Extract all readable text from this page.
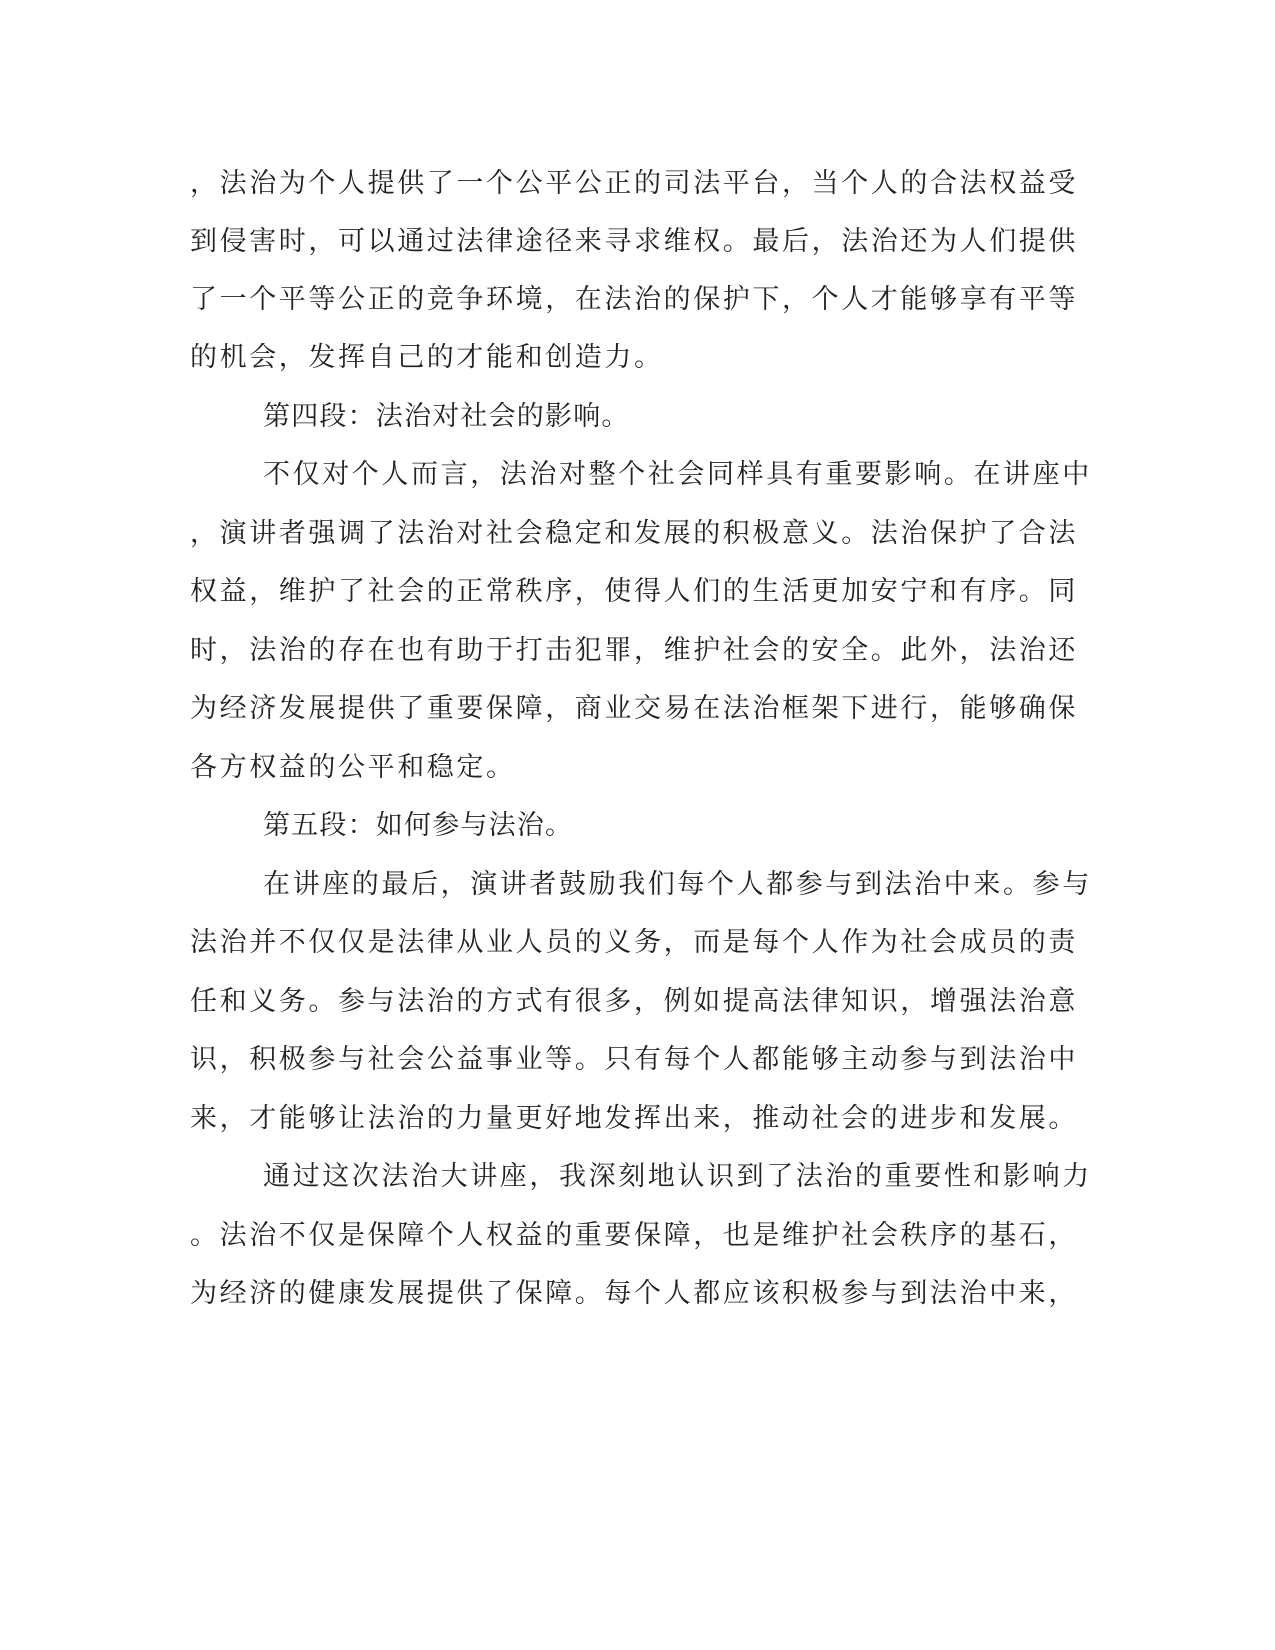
，法治为个人提供了一个公平公正的司法平台，当个人的合法权益受
到侵害时，可以通过法律途径来寻求维权。最后，法治还为人们提供
了一个平等公正的竞争环境，在法治的保护下，个人才能够享有平等
的机会，发挥自己的才能和创造力。
第四段：法治对社会的影响。
不仅对个人而言，法治对整个社会同样具有重要影响。在讲座中
，演讲者强调了法治对社会稳定和发展的积极意义。法治保护了合法
权益，维护了社会的正常秩序，使得人们的生活更加安宁和有序。同
时，法治的存在也有助于打击犯罪，维护社会的安全。此外，法治还
为经济发展提供了重要保障，商业交易在法治框架下进行，能够确保
各方权益的公平和稳定。
第五段：如何参与法治。
在讲座的最后，演讲者鼓励我们每个人都参与到法治中来。参与
法治并不仅仅是法律从业人员的义务，而是每个人作为社会成员的责
任和义务。参与法治的方式有很多，例如提高法律知识，增强法治意
识，积极参与社会公益事业等。只有每个人都能够主动参与到法治中
来，才能够让法治的力量更好地发挥出来，推动社会的进步和发展。
通过这次法治大讲座，我深刻地认识到了法治的重要性和影响力
。法治不仅是保障个人权益的重要保障，也是维护社会秩序的基石，
为经济的健康发展提供了保障。每个人都应该积极参与到法治中来，
